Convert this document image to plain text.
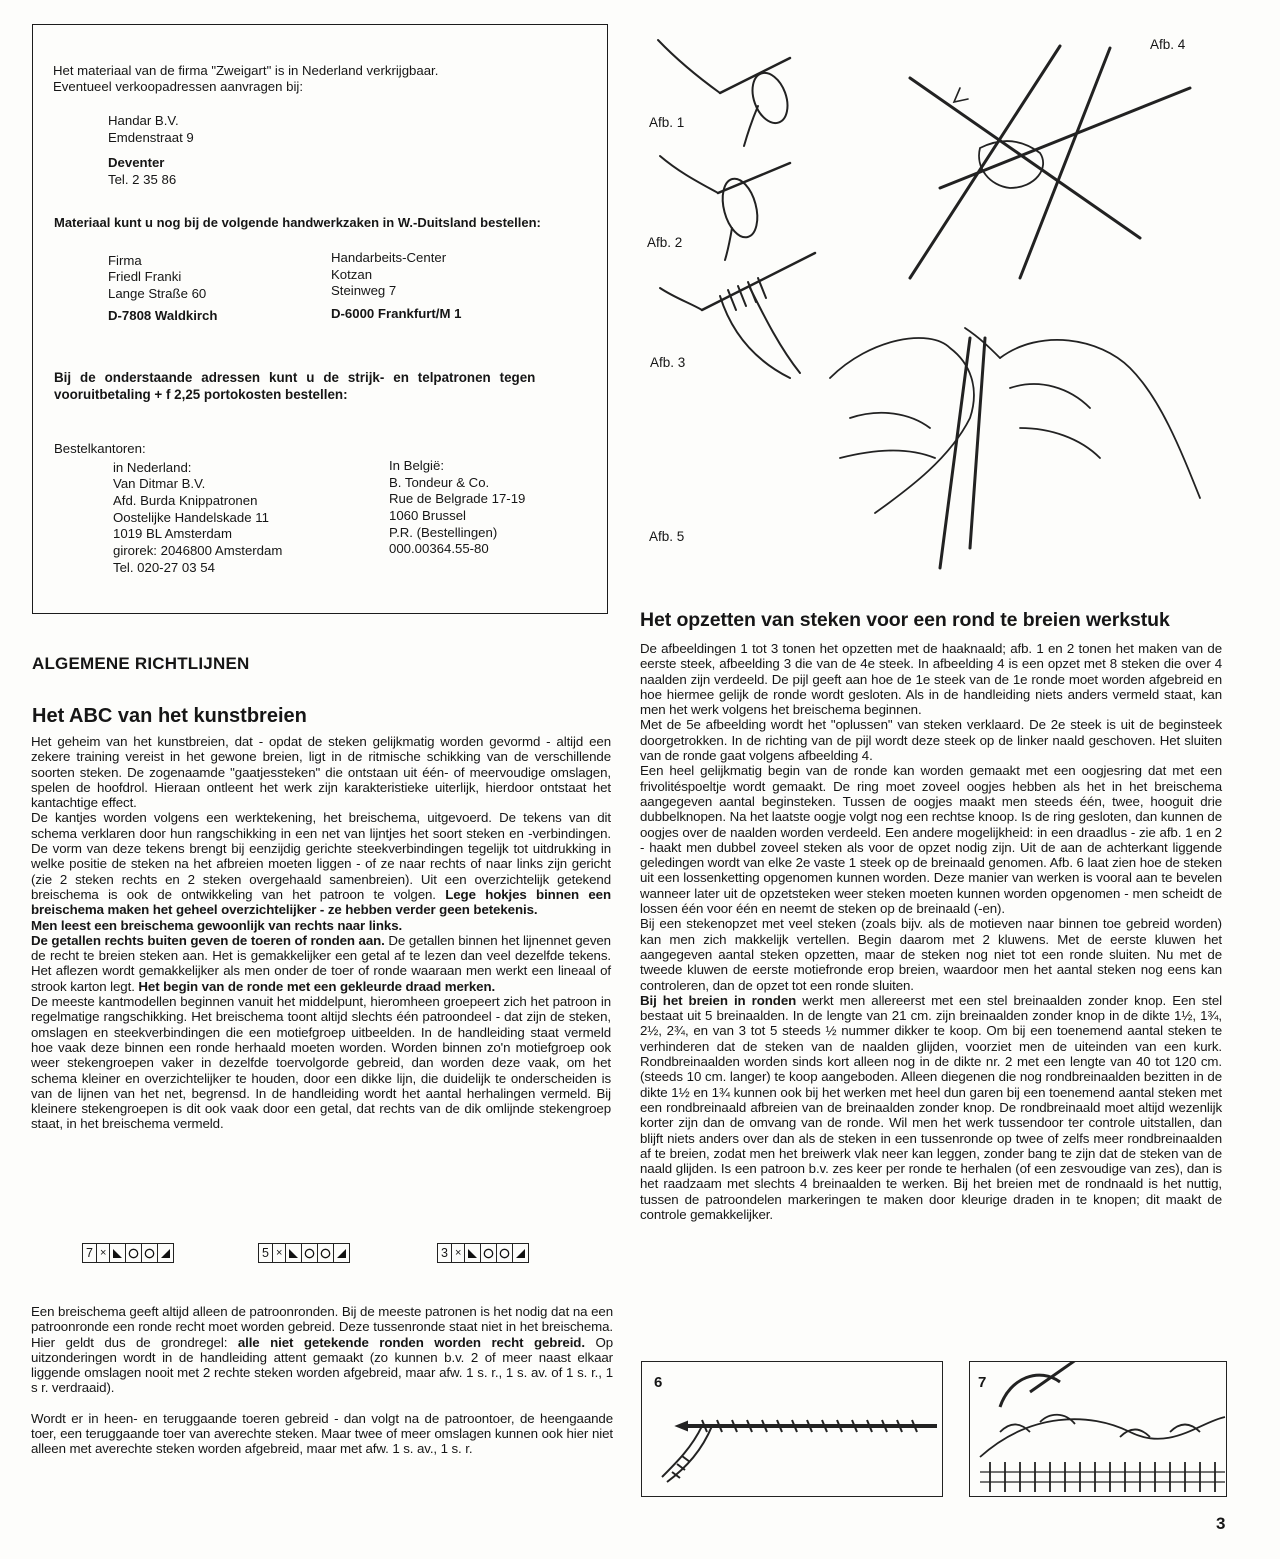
Het materiaal van de firma "Zweigart" is in Nederland verkrijgbaar.
Eventueel verkoopadressen aanvragen bij:
Handar B.V.
Emdenstraat 9
Deventer
Tel. 2 35 86
Materiaal kunt u nog bij de volgende handwerkzaken in W.-Duitsland bestellen:
Firma
Friedl Franki
Lange Straße 60
D-7808 Waldkirch
Handarbeits-Center
Kotzan
Steinweg 7
D-6000 Frankfurt/M 1
Bij de onderstaande adressen kunt u de strijk- en telpatronen tegen
vooruitbetaling + f 2,25 portokosten bestellen:
Bestelkantoren:
in Nederland:
Van Ditmar B.V.
Afd. Burda Knippatronen
Oostelijke Handelskade 11
1019 BL Amsterdam
girorek: 2046800 Amsterdam
Tel. 020-27 03 54
In België:
B. Tondeur & Co.
Rue de Belgrade 17-19
1060 Brussel
P.R. (Bestellingen)
000.00364.55-80
ALGEMENE RICHTLIJNEN
Het ABC van het kunstbreien

Het geheim van het kunstbreien, dat - opdat de steken gelijkmatig worden gevormd - altijd een zekere training vereist in het gewone breien, ligt in de ritmische schikking van de verschillende soorten steken. De zogenaamde "gaatjessteken" die ontstaan uit één- of meervoudige omslagen, spelen de hoofdrol. Hieraan ontleent het werk zijn karakteristieke uiterlijk, hierdoor ontstaat het kantachtige effect.

De kantjes worden volgens een werktekening, het breischema, uitgevoerd. De tekens van dit schema verklaren door hun rangschikking in een net van lijntjes het soort steken en -verbindingen. De vorm van deze tekens brengt bij eenzijdig gerichte steekverbindingen tegelijk tot uitdrukking in welke positie de steken na het afbreien moeten liggen - of ze naar rechts of naar links zijn gericht (zie 2 steken rechts en 2 steken overgehaald samenbreien). Uit een overzichtelijk getekend breischema is ook de ontwikkeling van het patroon te volgen. Lege hokjes binnen een breischema maken het geheel overzichtelijker - ze hebben verder geen betekenis.

Men leest een breischema gewoonlijk van rechts naar links.

De getallen rechts buiten geven de toeren of ronden aan. De getallen binnen het lijnennet geven de recht te breien steken aan. Het is gemakkelijker een getal af te lezen dan veel dezelfde tekens. Het aflezen wordt gemakkelijker als men onder de toer of ronde waaraan men werkt een lineaal of strook karton legt. Het begin van de ronde met een gekleurde draad merken.

De meeste kantmodellen beginnen vanuit het middelpunt, hieromheen groepeert zich het patroon in regelmatige rangschikking. Het breischema toont altijd slechts één patroondeel - dat zijn de steken, omslagen en steekverbindingen die een motiefgroep uitbeelden. In de handleiding staat vermeld hoe vaak deze binnen een ronde herhaald moeten worden. Worden binnen zo'n motiefgroep ook weer stekengroepen vaker in dezelfde toervolgorde gebreid, dan worden deze vaak, om het schema kleiner en overzichtelijker te houden, door een dikke lijn, die duidelijk te onderscheiden is van de lijnen van het net, begrensd. In de handleiding wordt het aantal herhalingen vermeld. Bij kleinere stekengroepen is dit ook vaak door een getal, dat rechts van de dik omlijnde stekengroep staat, in het breischema vermeld.

7 ×	5 ×	3 ×

Een breischema geeft altijd alleen de patroonronden. Bij de meeste patronen is het nodig dat na een patroonronde een ronde recht moet worden gebreid. Deze tussenronde staat niet in het breischema. Hier geldt dus de grondregel: alle niet getekende ronden worden recht gebreid. Op uitzonderingen wordt in de handleiding attent gemaakt (zo kunnen b.v. 2 of meer naast elkaar liggende omslagen nooit met 2 rechte steken worden afgebreid, maar afw. 1 s. r., 1 s. av. of 1 s. r., 1 s r. verdraaid).

Wordt er in heen- en teruggaande toeren gebreid - dan volgt na de patroontoer, de heengaande toer, een teruggaande toer van averechte steken. Maar twee of meer omslagen kunnen ook hier niet alleen met averechte steken worden afgebreid, maar met afw. 1 s. av., 1 s. r.

Afb. 1
Afb. 2
Afb. 3
Afb. 4
Afb. 5
Het opzetten van steken voor een rond te breien werkstuk

De afbeeldingen 1 tot 3 tonen het opzetten met de haaknaald; afb. 1 en 2 tonen het maken van de eerste steek, afbeelding 3 die van de 4e steek. In afbeelding 4 is een opzet met 8 steken die over 4 naalden zijn verdeeld. De pijl geeft aan hoe de 1e steek van de 1e ronde moet worden afgebreid en hoe hiermee gelijk de ronde wordt gesloten. Als in de handleiding niets anders vermeld staat, kan men het werk volgens het breischema beginnen.

Met de 5e afbeelding wordt het "oplussen" van steken verklaard. De 2e steek is uit de beginsteek doorgetrokken. In de richting van de pijl wordt deze steek op de linker naald geschoven. Het sluiten van de ronde gaat volgens afbeelding 4.

Een heel gelijkmatig begin van de ronde kan worden gemaakt met een oogjesring dat met een frivolitéspoeltje wordt gemaakt. De ring moet zoveel oogjes hebben als het in het breischema aangegeven aantal beginsteken. Tussen de oogjes maakt men steeds één, twee, hooguit drie dubbelknopen. Na het laatste oogje volgt nog een rechtse knoop. Is de ring gesloten, dan kunnen de oogjes over de naalden worden verdeeld. Een andere mogelijkheid: in een draadlus - zie afb. 1 en 2 - haakt men dubbel zoveel steken als voor de opzet nodig zijn. Uit de aan de achterkant liggende geledingen wordt van elke 2e vaste 1 steek op de breinaald genomen. Afb. 6 laat zien hoe de steken uit een lossenketting opgenomen kunnen worden. Deze manier van werken is vooral aan te bevelen wanneer later uit de opzetsteken weer steken moeten kunnen worden opgenomen - men scheidt de lossen één voor één en neemt de steken op de breinaald (-en).

Bij een stekenopzet met veel steken (zoals bijv. als de motieven naar binnen toe gebreid worden) kan men zich makkelijk vertellen. Begin daarom met 2 kluwens. Met de eerste kluwen het aangegeven aantal steken opzetten, maar de steken nog niet tot een ronde sluiten. Nu met de tweede kluwen de eerste motiefronde erop breien, waardoor men het aantal steken nog eens kan controleren, dan de opzet tot een ronde sluiten.

Bij het breien in ronden werkt men allereerst met een stel breinaalden zonder knop. Een stel bestaat uit 5 breinaalden. In de lengte van 21 cm. zijn breinaalden zonder knop in de dikte 1½, 1¾, 2½, 2¾, en van 3 tot 5 steeds ½ nummer dikker te koop. Om bij een toenemend aantal steken te verhinderen dat de steken van de naalden glijden, voorziet men de uiteinden van een kurk. Rondbreinaalden worden sinds kort alleen nog in de dikte nr. 2 met een lengte van 40 tot 120 cm. (steeds 10 cm. langer) te koop aangeboden. Alleen diegenen die nog rondbreinaalden bezitten in de dikte 1½ en 1¾ kunnen ook bij het werken met heel dun garen bij een toenemend aantal steken met een rondbreinaald afbreien van de breinaalden zonder knop. De rondbreinaald moet altijd wezenlijk korter zijn dan de omvang van de ronde. Wil men het werk tussendoor ter controle uitstallen, dan blijft niets anders over dan als de steken in een tussenronde op twee of zelfs meer rondbreinaalden af te breien, zodat men het breiwerk vlak neer kan leggen, zonder bang te zijn dat de steken van de naald glijden. Is een patroon b.v. zes keer per ronde te herhalen (of een zesvoudige van zes), dan is het raadzaam met slechts 4 breinaalden te werken. Bij het breien met de rondnaald is het nuttig, tussen de patroondelen markeringen te maken door kleurige draden in te knopen; dit maakt de controle gemakkelijker.

6	7
3
